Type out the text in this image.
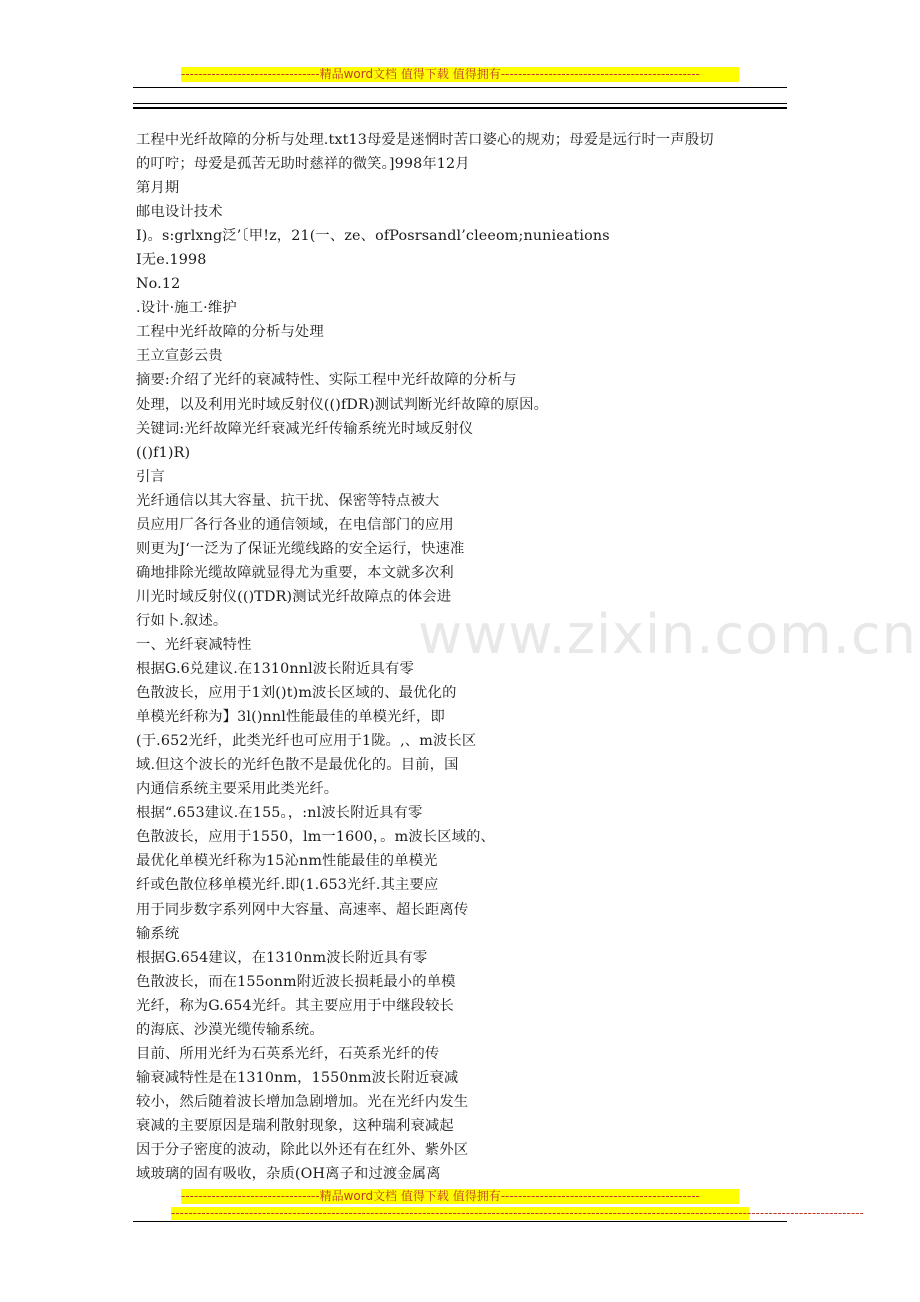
--------------------------------精品word文档 值得下载 值得拥有----------------------------------------------
www.zixin.com.cn
工程中光纤故障的分析与处理.txt13母爱是迷惘时苦口婆心的规劝；母爱是远行时一声殷切
的叮咛；母爱是孤苦无助时慈祥的微笑。]998年12月
第月期
邮电设计技术
I)。s:grlxng泛’〔甲!z，21(一、ze、ofPosrsandl’cleeom;nunieations
I无e.1998
No.12
.设计·施工·维护
工程中光纤故障的分析与处理
王立宣彭云贵
摘要:介绍了光纤的衰减特性、实际工程中光纤故障的分析与
处理，以及利用光时域反射仪(()fDR)测试判断光纤故障的原因。
关键词:光纤故障光纤衰减光纤传输系统光时域反射仪
(()f1)R)
引言
光纤通信以其大容量、抗干扰、保密等特点被大
员应用厂各行各业的通信领域，在电信部门的应用
则更为J‘一泛为了保证光缆线路的安全运行，快速准
确地排除光缆故障就显得尤为重要，本文就多次利
川光时域反射仪(()TDR)测试光纤故障点的体会进
行如卜.叙述。
一、光纤衰减特性
根据G.6兑建议.在1310nnl波长附近具有零
色散波长，应用于1刘()t)m波长区域的、最优化的
单模光纤称为】3l()nnl性能最佳的单模光纤，即
(于.652光纤，此类光纤也可应用于1陇。,、m波长区
域.但这个波长的光纤色散不是最优化的。目前，国
内通信系统主要采用此类光纤。
根据“.653建议.在155。，:nl波长附近具有零
色散波长，应用于1550，lm一1600，。m波长区域的、
最优化单模光纤称为15沁nm性能最佳的单模光
纤或色散位移单模光纤.即(1.653光纤.其主要应
用于同步数字系列网中大容量、高速率、超长距离传
输系统
根据G.654建议，在1310nm波长附近具有零
色散波长，而在155onm附近波长损耗最小的单模
光纤，称为G.654光纤。其主要应用于中继段较长
的海底、沙漠光缆传输系统。
目前、所用光纤为石英系光纤，石英系光纤的传
输衰减特性是在1310nm，1550nm波长附近衰减
较小，然后随着波长增加急剧增加。光在光纤内发生
衰减的主要原因是瑞利散射现象，这种瑞利衰减起
因于分子密度的波动，除此以外还有在红外、紫外区
域玻璃的固有吸收，杂质(OH离子和过渡金属离
--------------------------------精品word文档 值得下载 值得拥有----------------------------------------------
----------------------------------------------------------------------------------------------------------------------------------------------------------------
